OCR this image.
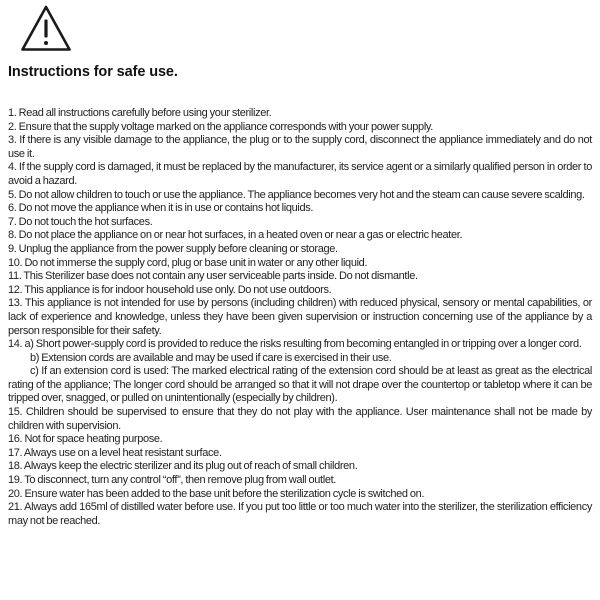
Instructions for safe use.

1. Read all instructions carefully before using your sterilizer.

2. Ensure that the supply voltage marked on the appliance corresponds with your power supply.

3. If there is any visible damage to the appliance, the plug or to the supply cord, disconnect the appliance immediately and do not use it.

4. If the supply cord is damaged, it must be replaced by the manufacturer, its service agent or a similarly qualified person in order to avoid a hazard.

5. Do not allow children to touch or use the appliance. The appliance becomes very hot and the steam can cause severe scalding.

6. Do not move the appliance when it is in use or contains hot liquids.

7. Do not touch the hot surfaces.

8. Do not place the appliance on or near hot surfaces, in a heated oven or near a gas or electric heater.

9. Unplug the appliance from the power supply before cleaning or storage.

10. Do not immerse the supply cord, plug or base unit in water or any other liquid.

11. This Sterilizer base does not contain any user serviceable parts inside. Do not dismantle.

12. This appliance is for indoor household use only. Do not use outdoors.

13. This appliance is not intended for use by persons (including children) with reduced physical, sensory or mental capabilities, or lack of experience and knowledge, unless they have been given supervision or instruction concerning use of the appliance by a person responsible for their safety.

14. a) Short power-supply cord is provided to reduce the risks resulting from becoming entangled in or tripping over a longer cord.

b) Extension cords are available and may be used if care is exercised in their use.

c) If an extension cord is used: The marked electrical rating of the extension cord should be at least as great as the electrical rating of the appliance; The longer cord should be arranged so that it will not drape over the countertop or tabletop where it can be tripped over, snagged, or pulled on unintentionally (especially by children).

15. Children should be supervised to ensure that they do not play with the appliance. User maintenance shall not be made by children with supervision.

16. Not for space heating purpose.

17. Always use on a level heat resistant surface.

18. Always keep the electric sterilizer and its plug out of reach of small children.

19. To disconnect, turn any control “off”, then remove plug from wall outlet.

20. Ensure water has been added to the base unit before the sterilization cycle is switched on.

21. Always add 165ml of distilled water before use. If you put too little or too much water into the sterilizer, the sterilization efficiency may not be reached.
